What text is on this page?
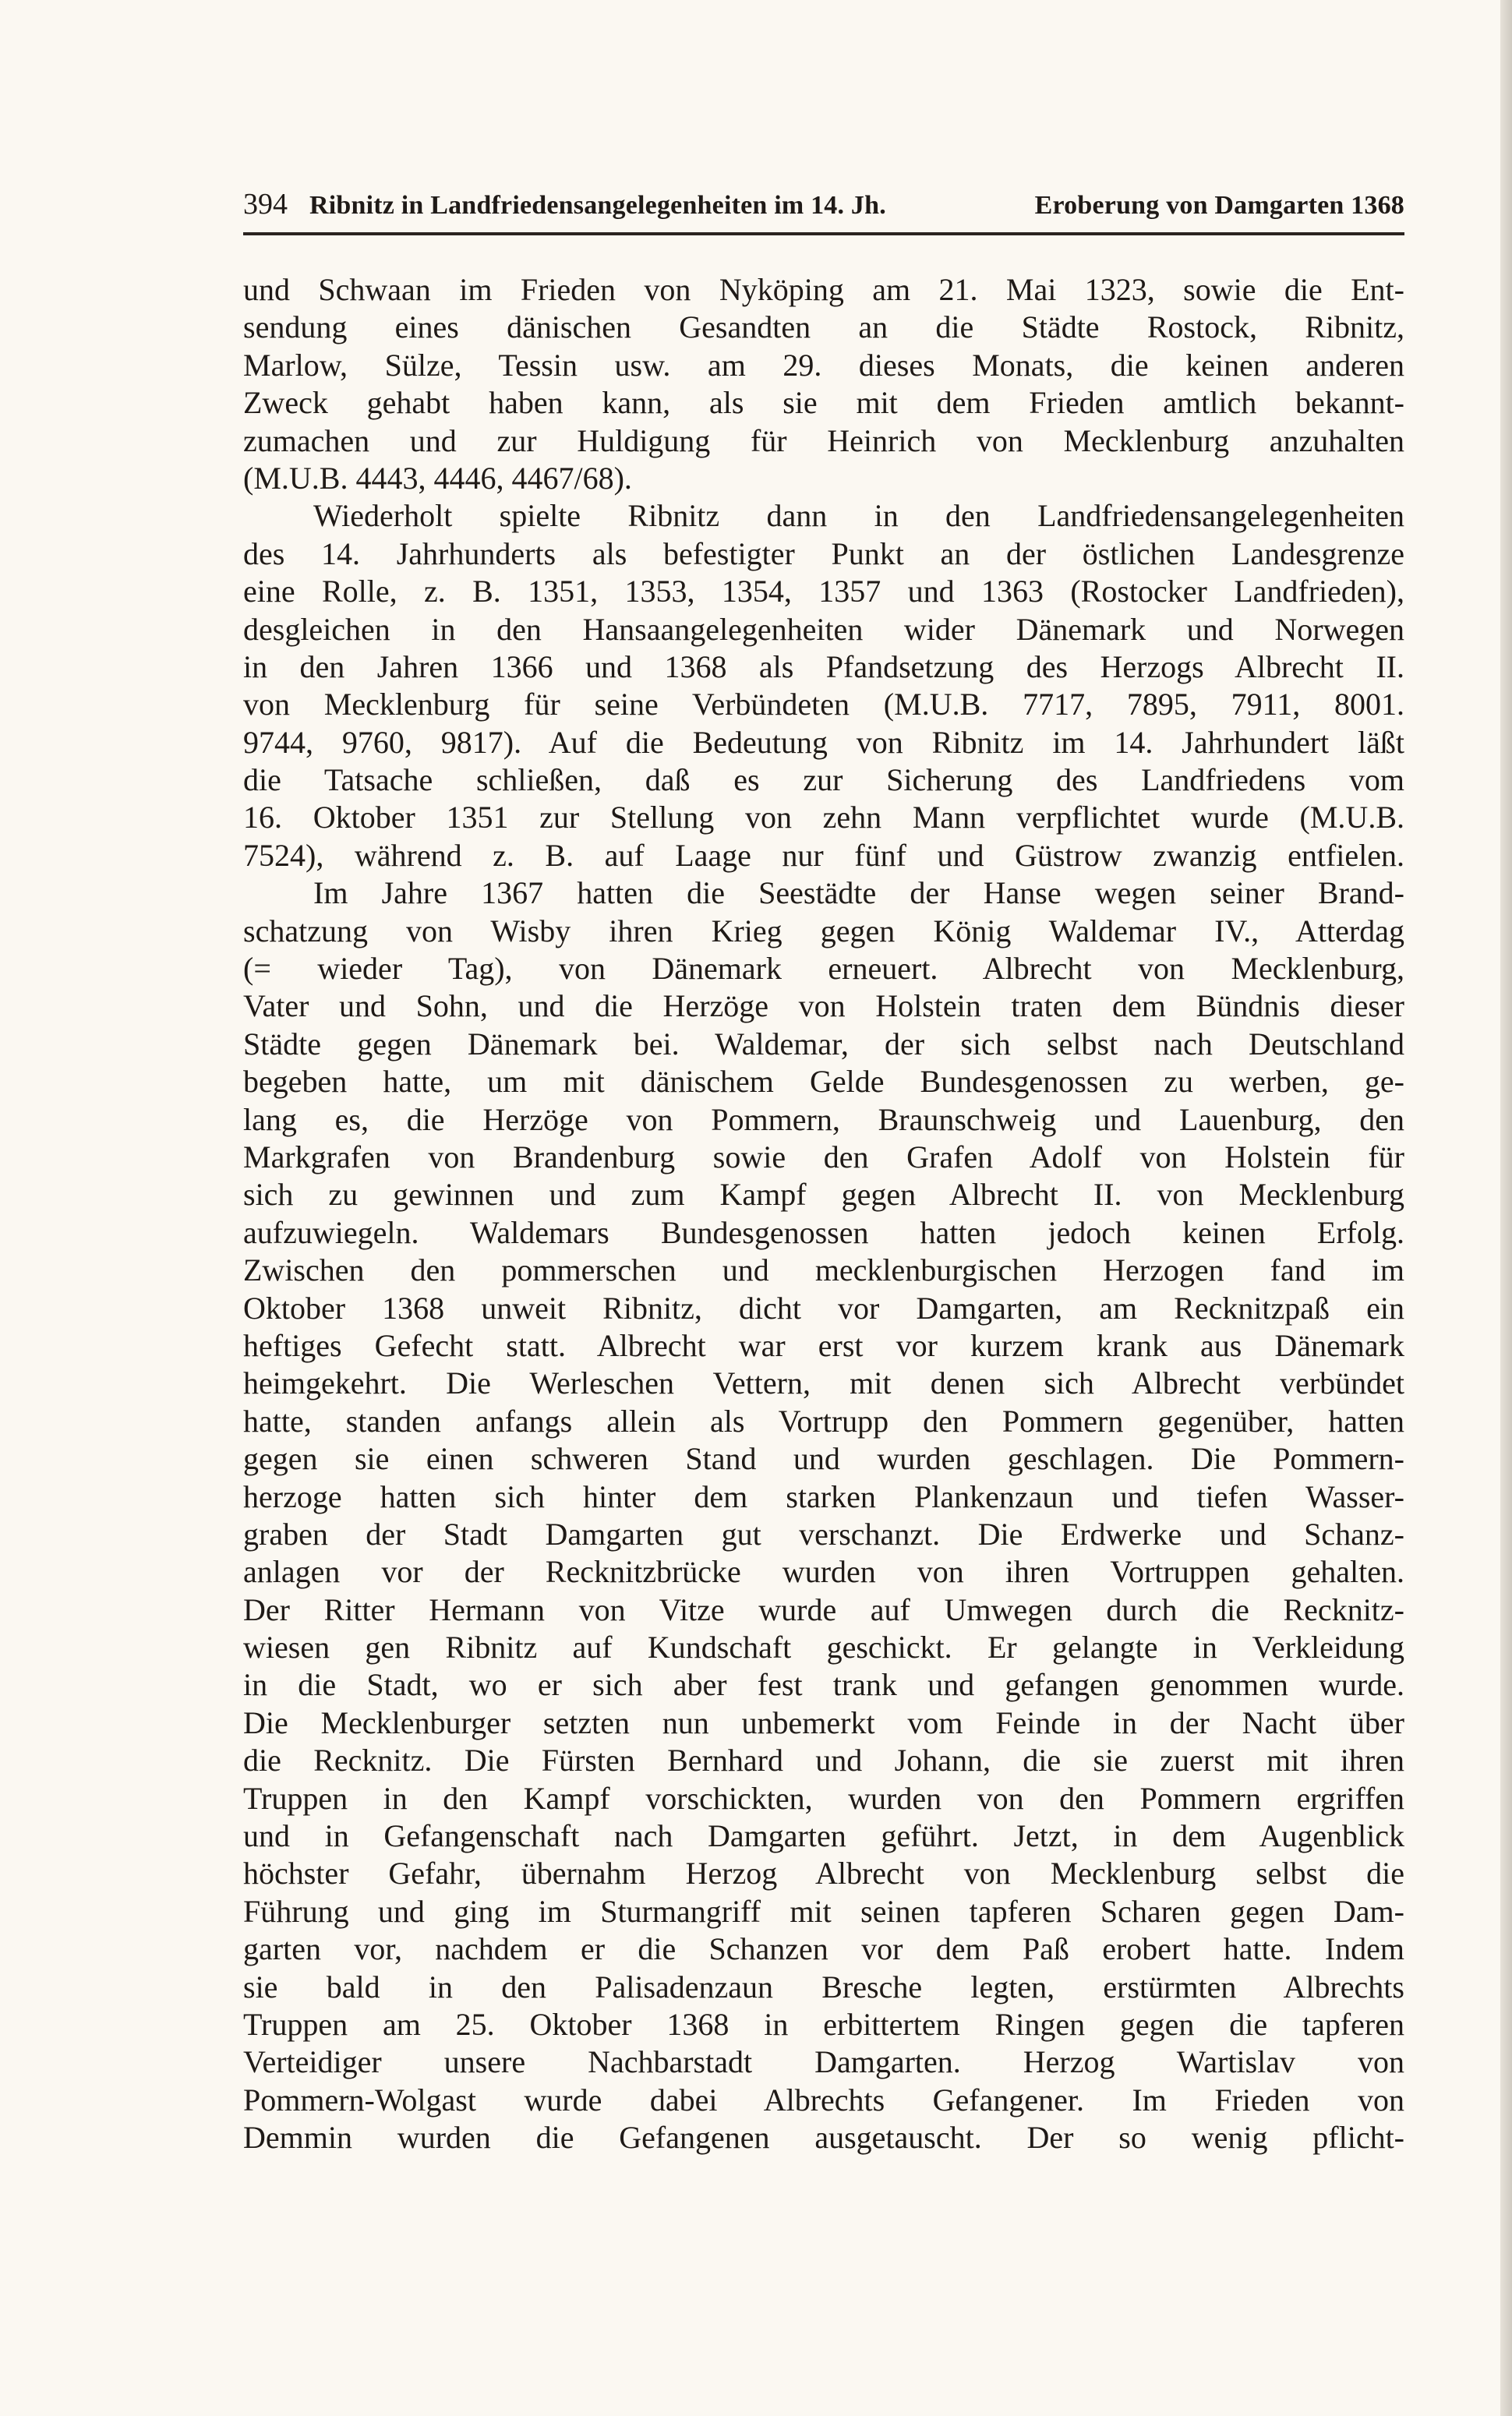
394 Ribnitz in Landfriedensangelegenheiten im 14. Jh.	Eroberung von Damgarten 1368
und Schwaan im Frieden von Nyköping am 21. Mai 1323, sowie die Ent-
sendung eines dänischen Gesandten an die Städte Rostock, Ribnitz,
Marlow, Sülze, Tessin usw. am 29. dieses Monats, die keinen anderen
Zweck gehabt haben kann, als sie mit dem Frieden amtlich bekannt-
zumachen und zur Huldigung für Heinrich von Mecklenburg anzuhalten
(M.U.B. 4443, 4446, 4467/68).
Wiederholt spielte Ribnitz dann in den Landfriedensangelegenheiten
des 14. Jahrhunderts als befestigter Punkt an der östlichen Landesgrenze
eine Rolle, z. B. 1351, 1353, 1354, 1357 und 1363 (Rostocker Landfrieden),
desgleichen in den Hansaangelegenheiten wider Dänemark und Norwegen
in den Jahren 1366 und 1368 als Pfandsetzung des Herzogs Albrecht II.
von Mecklenburg für seine Verbündeten (M.U.B. 7717, 7895, 7911, 8001.
9744, 9760, 9817). Auf die Bedeutung von Ribnitz im 14. Jahrhundert läßt
die Tatsache schließen, daß es zur Sicherung des Landfriedens vom
16. Oktober 1351 zur Stellung von zehn Mann verpflichtet wurde (M.U.B.
7524), während z. B. auf Laage nur fünf und Güstrow zwanzig entfielen.
Im Jahre 1367 hatten die Seestädte der Hanse wegen seiner Brand-
schatzung von Wisby ihren Krieg gegen König Waldemar IV., Atterdag
(= wieder Tag), von Dänemark erneuert. Albrecht von Mecklenburg,
Vater und Sohn, und die Herzöge von Holstein traten dem Bündnis dieser
Städte gegen Dänemark bei. Waldemar, der sich selbst nach Deutschland
begeben hatte, um mit dänischem Gelde Bundesgenossen zu werben, ge-
lang es, die Herzöge von Pommern, Braunschweig und Lauenburg, den
Markgrafen von Brandenburg sowie den Grafen Adolf von Holstein für
sich zu gewinnen und zum Kampf gegen Albrecht II. von Mecklenburg
aufzuwiegeln. Waldemars Bundesgenossen hatten jedoch keinen Erfolg.
Zwischen den pommerschen und mecklenburgischen Herzogen fand im
Oktober 1368 unweit Ribnitz, dicht vor Damgarten, am Recknitzpaß ein
heftiges Gefecht statt. Albrecht war erst vor kurzem krank aus Dänemark
heimgekehrt. Die Werleschen Vettern, mit denen sich Albrecht verbündet
hatte, standen anfangs allein als Vortrupp den Pommern gegenüber, hatten
gegen sie einen schweren Stand und wurden geschlagen. Die Pommern-
herzoge hatten sich hinter dem starken Plankenzaun und tiefen Wasser-
graben der Stadt Damgarten gut verschanzt. Die Erdwerke und Schanz-
anlagen vor der Recknitzbrücke wurden von ihren Vortruppen gehalten.
Der Ritter Hermann von Vitze wurde auf Umwegen durch die Recknitz-
wiesen gen Ribnitz auf Kundschaft geschickt. Er gelangte in Verkleidung
in die Stadt, wo er sich aber fest trank und gefangen genommen wurde.
Die Mecklenburger setzten nun unbemerkt vom Feinde in der Nacht über
die Recknitz. Die Fürsten Bernhard und Johann, die sie zuerst mit ihren
Truppen in den Kampf vorschickten, wurden von den Pommern ergriffen
und in Gefangenschaft nach Damgarten geführt. Jetzt, in dem Augenblick
höchster Gefahr, übernahm Herzog Albrecht von Mecklenburg selbst die
Führung und ging im Sturmangriff mit seinen tapferen Scharen gegen Dam-
garten vor, nachdem er die Schanzen vor dem Paß erobert hatte. Indem
sie bald in den Palisadenzaun Bresche legten, erstürmten Albrechts
Truppen am 25. Oktober 1368 in erbittertem Ringen gegen die tapferen
Verteidiger unsere Nachbarstadt Damgarten. Herzog Wartislav von
Pommern-Wolgast wurde dabei Albrechts Gefangener. Im Frieden von
Demmin wurden die Gefangenen ausgetauscht. Der so wenig pflicht-
